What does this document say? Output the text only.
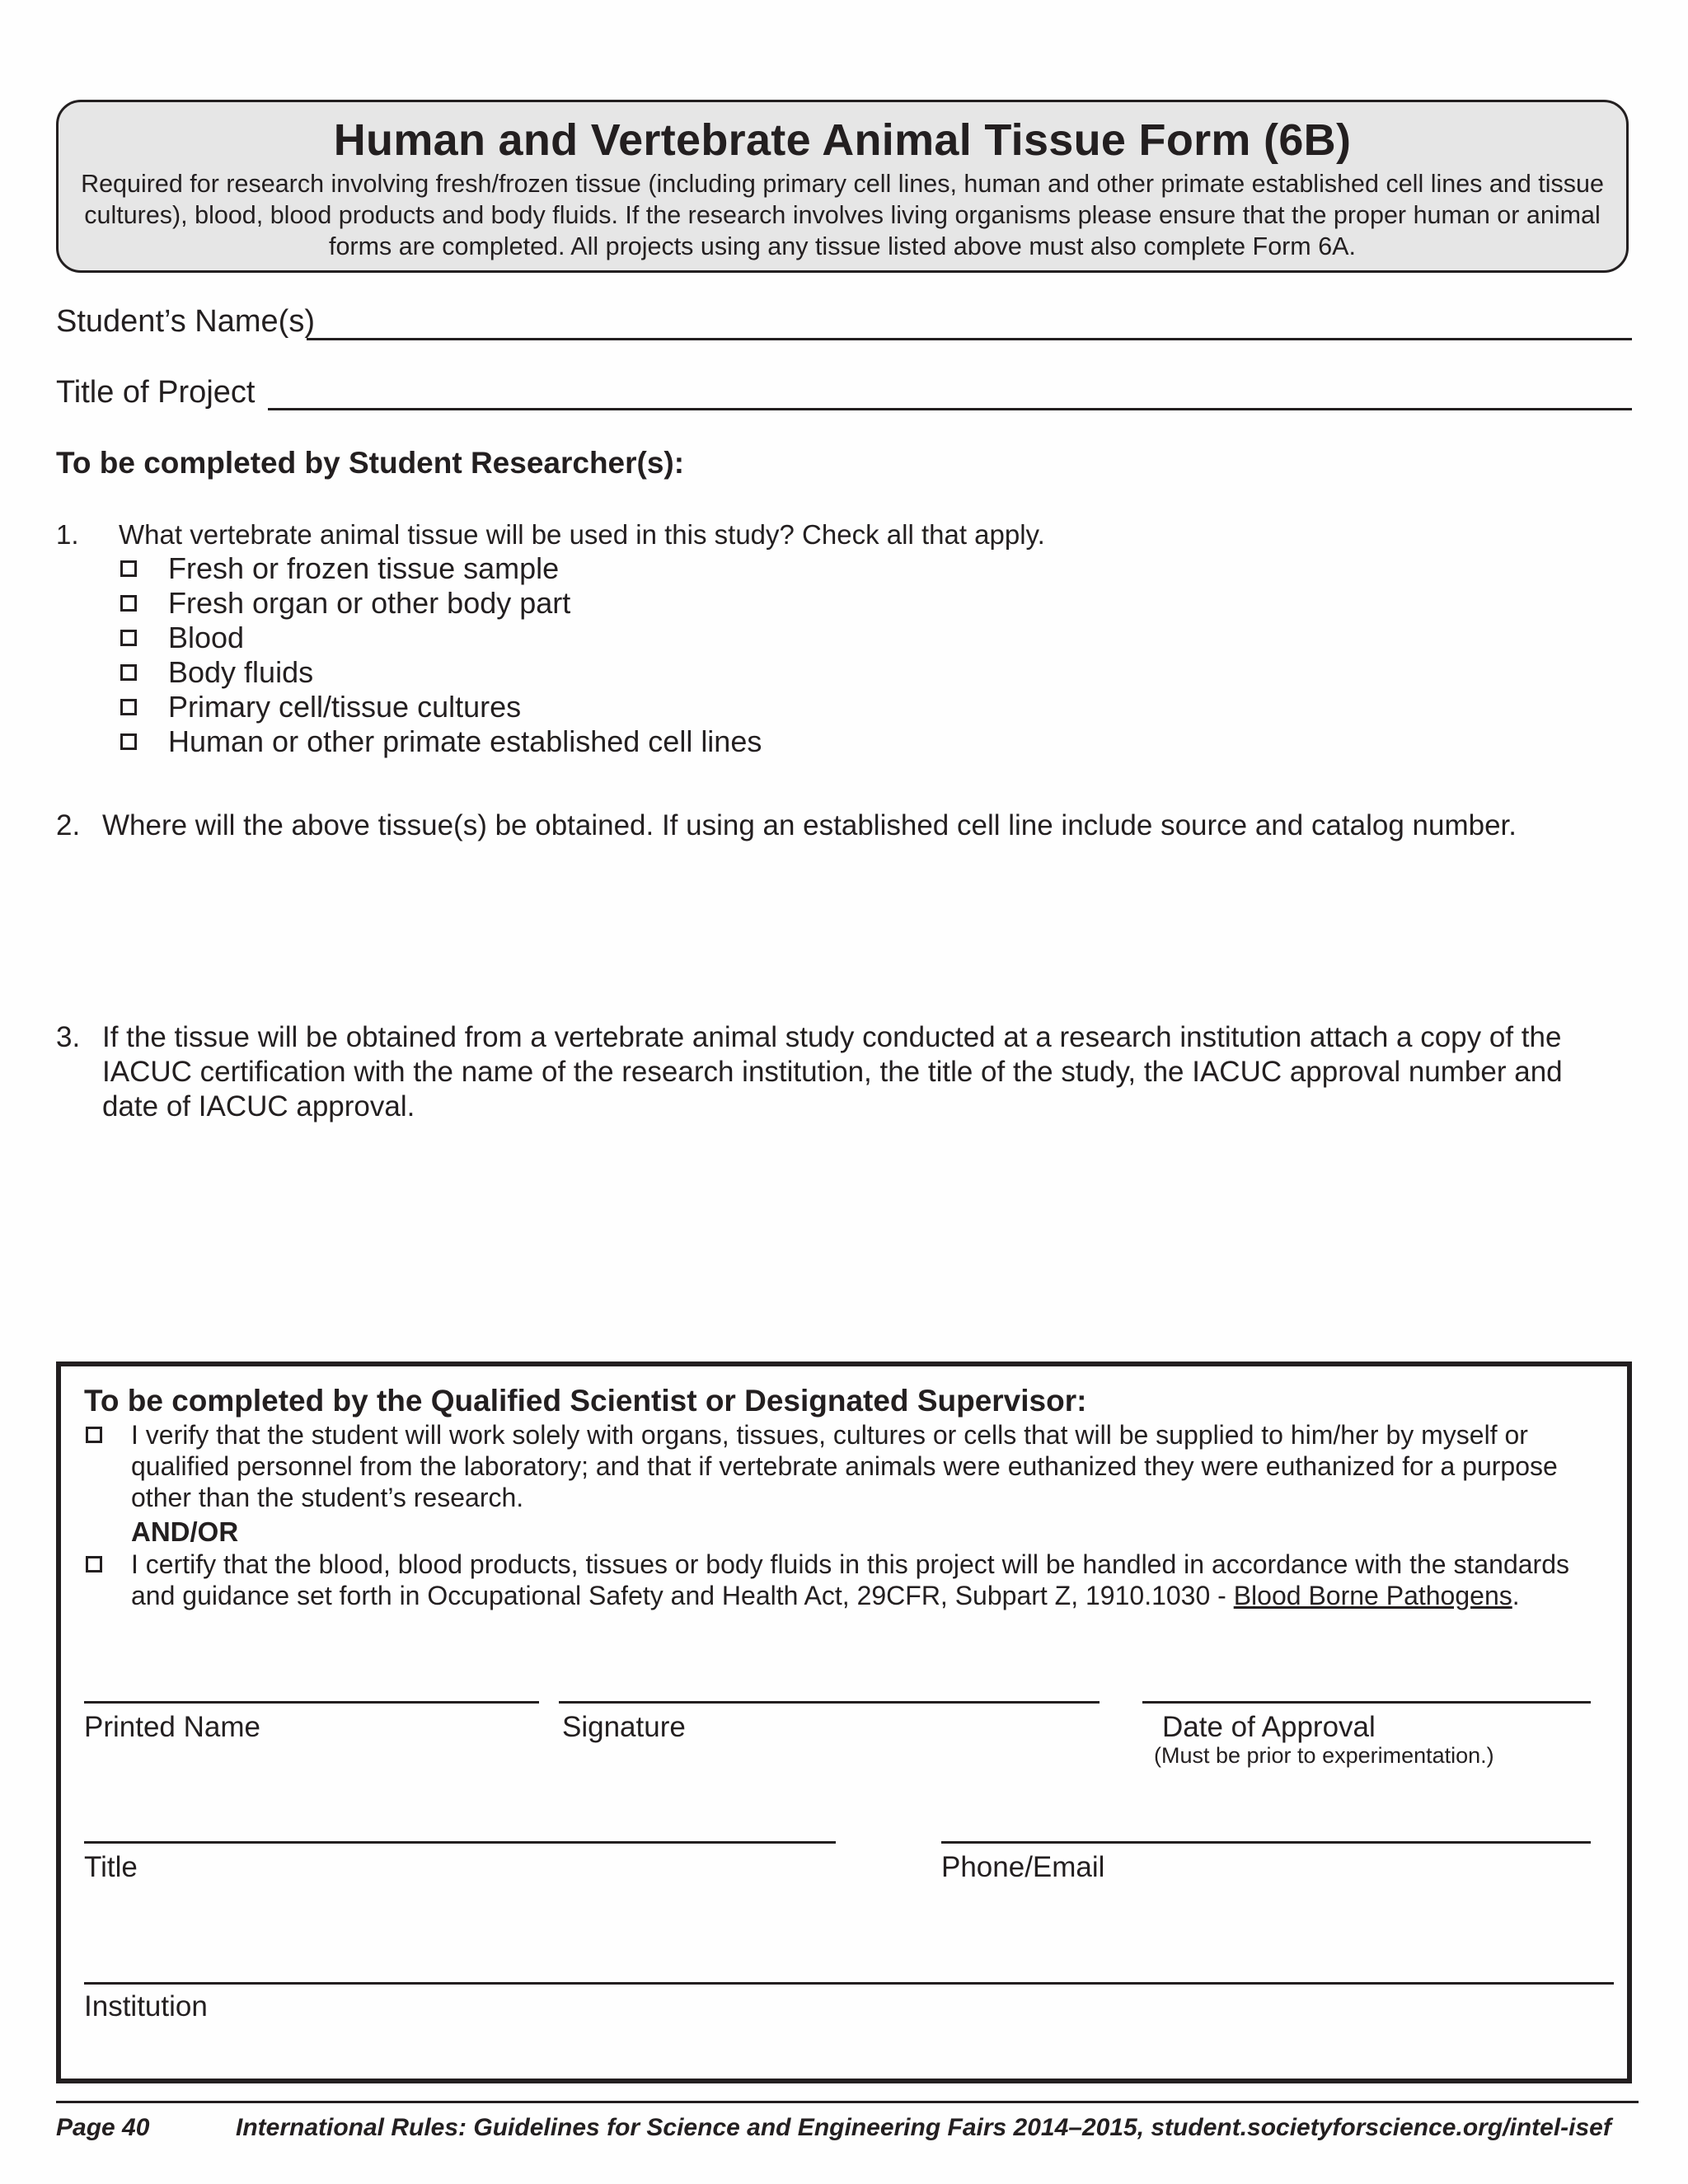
Human and Vertebrate Animal Tissue Form (6B)
Required for research involving fresh/frozen tissue (including primary cell lines, human and other primate established cell lines and tissue cultures), blood, blood products and body fluids. If the research involves living organisms please ensure that the proper human or animal forms are completed. All projects using any tissue listed above must also complete Form 6A.
Student’s Name(s)
Title of Project
To be completed by Student Researcher(s):
1. What vertebrate animal tissue will be used in this study? Check all that apply.
Fresh or frozen tissue sample
Fresh organ or other body part
Blood
Body fluids
Primary cell/tissue cultures
Human or other primate established cell lines
2. Where will the above tissue(s) be obtained. If using an established cell line include source and catalog number.
3. If the tissue will be obtained from a vertebrate animal study conducted at a research institution attach a copy of the IACUC certification with the name of the research institution, the title of the study, the IACUC approval number and date of IACUC approval.
To be completed by the Qualified Scientist or Designated Supervisor:
I verify that the student will work solely with organs, tissues, cultures or cells that will be supplied to him/her by myself or qualified personnel from the laboratory; and that if vertebrate animals were euthanized they were euthanized for a purpose other than the student’s research.
AND/OR
I certify that the blood, blood products, tissues or body fluids in this project will be handled in accordance with the standards and guidance set forth in Occupational Safety and Health Act, 29CFR, Subpart Z, 1910.1030 - Blood Borne Pathogens.
Printed Name	Signature	Date of Approval
(Must be prior to experimentation.)
Title	Phone/Email
Institution
Page 40	International Rules: Guidelines for Science and Engineering Fairs 2014–2015, student.societyforscience.org/intel-isef
